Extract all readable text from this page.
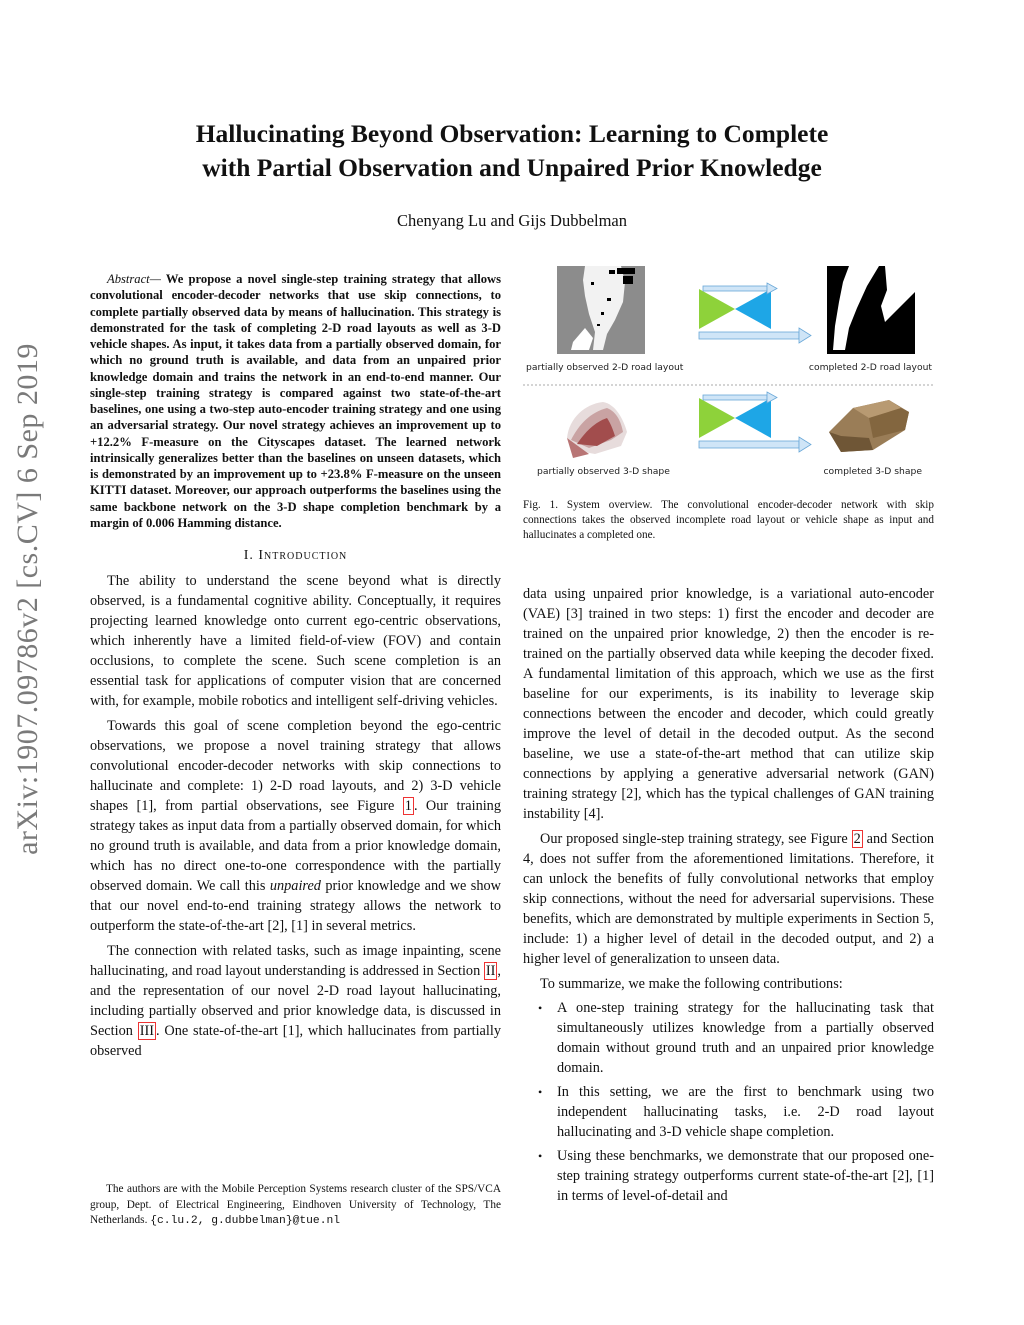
arXiv:1907.09786v2 [cs.CV] 6 Sep 2019
Hallucinating Beyond Observation: Learning to Complete
with Partial Observation and Unpaired Prior Knowledge
Chenyang Lu and Gijs Dubbelman

Abstract— We propose a novel single-step training strategy that allows convolutional encoder-decoder networks that use skip connections, to complete partially observed data by means of hallucination. This strategy is demonstrated for the task of completing 2-D road layouts as well as 3-D vehicle shapes. As input, it takes data from a partially observed domain, for which no ground truth is available, and data from an unpaired prior knowledge domain and trains the network in an end-to-end manner. Our single-step training strategy is compared against two state-of-the-art baselines, one using a two-step auto-encoder training strategy and one using an adversarial strategy. Our novel strategy achieves an improvement up to +12.2% F-measure on the Cityscapes dataset. The learned network intrinsically generalizes better than the baselines on unseen datasets, which is demonstrated by an improvement up to +23.8% F-measure on the unseen KITTI dataset. Moreover, our approach outperforms the baselines using the same backbone network on the 3-D shape completion benchmark by a margin of 0.006 Hamming distance.

I. Introduction

The ability to understand the scene beyond what is directly observed, is a fundamental cognitive ability. Conceptually, it requires projecting learned knowledge onto current ego-centric observations, which inherently have a limited field-of-view (FOV) and contain occlusions, to complete the scene. Such scene completion is an essential task for applications of computer vision that are concerned with, for example, mobile robotics and intelligent self-driving vehicles.

Towards this goal of scene completion beyond the ego-centric observations, we propose a novel training strategy that allows convolutional encoder-decoder networks with skip connections to hallucinate and complete: 1) 2-D road layouts, and 2) 3-D vehicle shapes [1], from partial observations, see Figure 1 . Our training strategy takes as input data from a partially observed domain, for which no ground truth is available, and data from a prior knowledge domain, which has no direct one-to-one correspondence with the partially observed domain. We call this unpaired prior knowledge and we show that our novel end-to-end training strategy allows the network to outperform the state-of-the-art [2], [1] in several metrics.

The connection with related tasks, such as image inpainting, scene hallucinating, and road layout understanding is addressed in Section II , and the representation of our novel 2-D road layout hallucinating, including partially observed and prior knowledge data, is discussed in Section III . One state-of-the-art [1], which hallucinates from partially observed

The authors are with the Mobile Perception Systems research cluster of the SPS/VCA group, Dept. of Electrical Engineering, Eindhoven University of Technology, The Netherlands. {c.lu.2, g.dubbelman}@tue.nl

partially observed 2-D road layout	completed 2-D road layout
partially observed 3-D shape	completed 3-D shape
Fig. 1. System overview. The convolutional encoder-decoder network with skip connections takes the observed incomplete road layout or vehicle shape as input and hallucinates a completed one.

data using unpaired prior knowledge, is a variational auto-encoder (VAE) [3] trained in two steps: 1) first the encoder and decoder are trained on the unpaired prior knowledge, 2) then the encoder is re-trained on the partially observed data while keeping the decoder fixed. A fundamental limitation of this approach, which we use as the first baseline for our experiments, is its inability to leverage skip connections between the encoder and decoder, which could greatly improve the level of detail in the decoded output. As the second baseline, we use a state-of-the-art method that can utilize skip connections by applying a generative adversarial network (GAN) training strategy [2], which has the typical challenges of GAN training instability [4].

Our proposed single-step training strategy, see Figure 2 and Section 4, does not suffer from the aforementioned limitations. Therefore, it can unlock the benefits of fully convolutional networks that employ skip connections, without the need for adversarial supervisions. These benefits, which are demonstrated by multiple experiments in Section 5, include: 1) a higher level of detail in the decoded output, and 2) a higher level of generalization to unseen data.

To summarize, we make the following contributions:

• A one-step training strategy for the hallucinating task that simultaneously utilizes knowledge from a partially observed domain without ground truth and an unpaired prior knowledge domain.
• In this setting, we are the first to benchmark using two independent hallucinating tasks, i.e. 2-D road layout hallucinating and 3-D vehicle shape completion.
• Using these benchmarks, we demonstrate that our proposed one-step training strategy outperforms current state-of-the-art [2], [1] in terms of level-of-detail and
